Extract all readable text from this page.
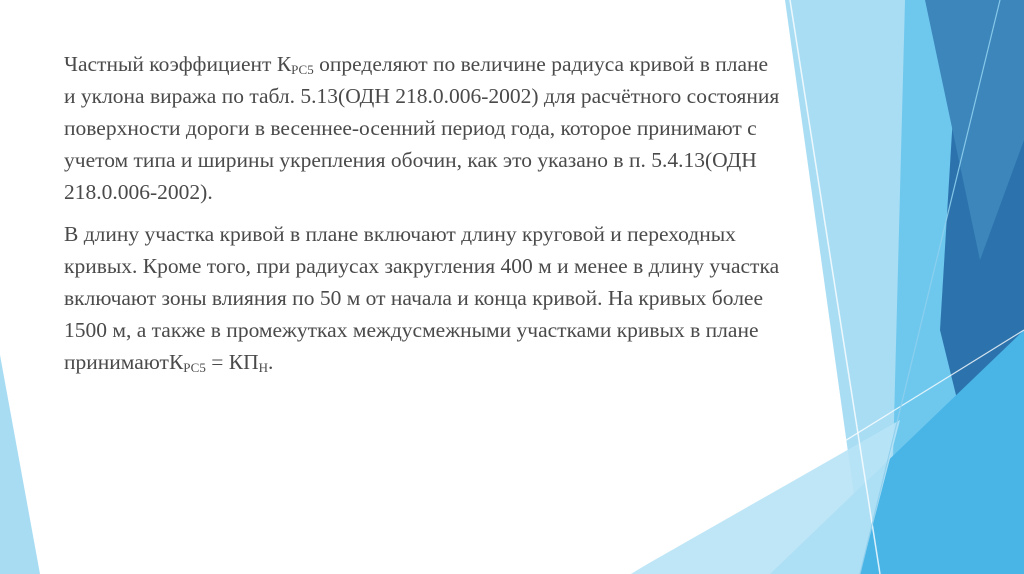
Частный коэффициент $К_{РС5}$ определяют по величине радиуса кривой в плане и уклона виража по табл. 5.13(ОДН 218.0.006-2002) для расчётного состояния поверхности дороги в весеннее-осенний период года, которое принимают с учетом типа и ширины укрепления обочин, как это указано в п. 5.4.13(ОДН 218.0.006-2002).

В длину участка кривой в плане включают длину круговой и переходных кривых. Кроме того, при радиусах закругления 400 м и менее в длину участка включают зоны влияния по 50 м от начала и конца кривой. На кривых более 1500 м, а также в промежутках междусмежными участками кривых в плане принимаютК$_{РС5}$ = $КП_Н$.
